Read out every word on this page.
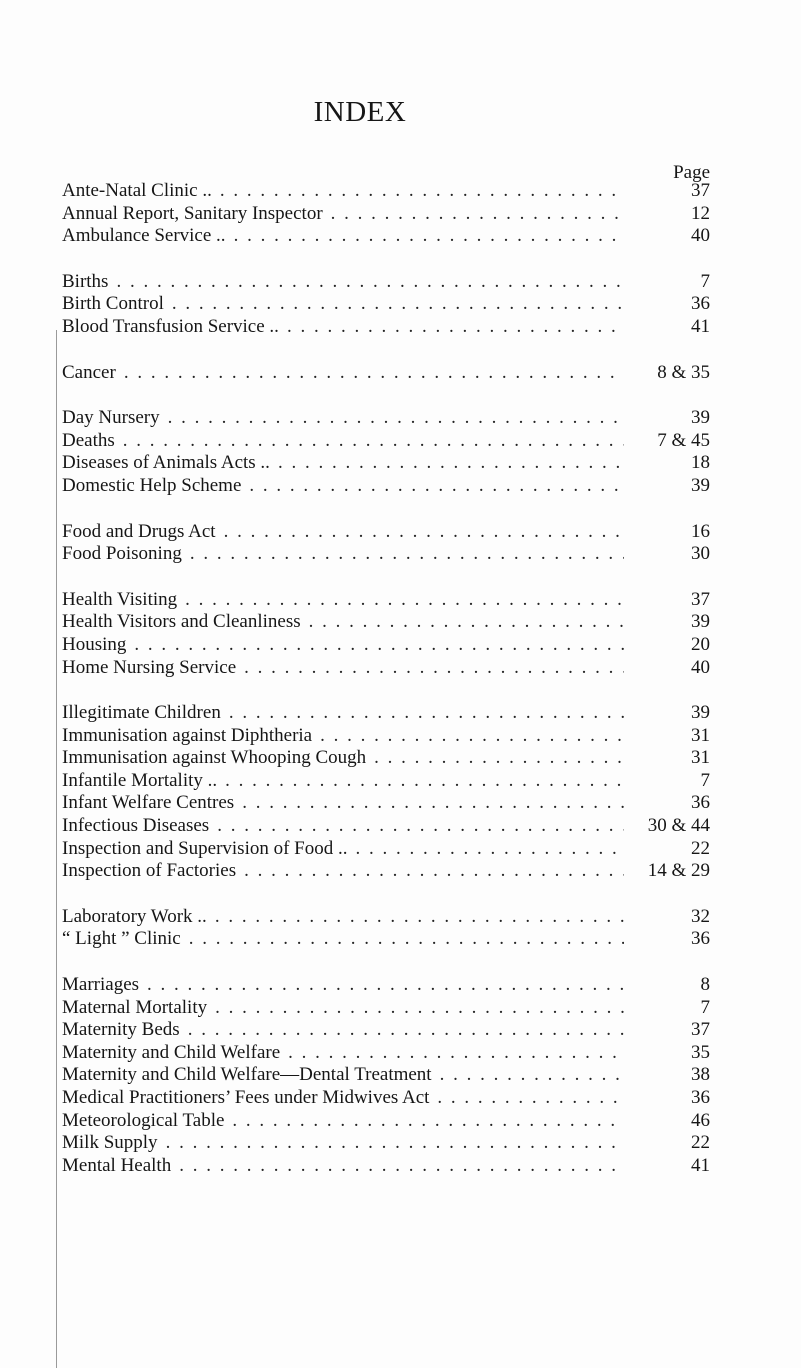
INDEX
Page
Ante-Natal Clinic .. . . .	37
Annual Report, Sanitary Inspector . . .	12
Ambulance Service .. . . .	40
Births . . .	7
Birth Control . . .	36
Blood Transfusion Service .. . . .	41
Cancer . . .	8 & 35
Day Nursery . . .	39
Deaths . . .	7 & 45
Diseases of Animals Acts .. . . .	18
Domestic Help Scheme . . .	39
Food and Drugs Act . . .	16
Food Poisoning . . .	30
Health Visiting . . .	37
Health Visitors and Cleanliness . . .	39
Housing . . .	20
Home Nursing Service . . .	40
Illegitimate Children . . .	39
Immunisation against Diphtheria . . .	31
Immunisation against Whooping Cough . . .	31
Infantile Mortality .. . . .	7
Infant Welfare Centres . . .	36
Infectious Diseases . . .	30 & 44
Inspection and Supervision of Food .. . . .	22
Inspection of Factories . . .	14 & 29
Laboratory Work .. . . .	32
“ Light ” Clinic . . .	36
Marriages . . .	8
Maternal Mortality . . .	7
Maternity Beds . . .	37
Maternity and Child Welfare . . .	35
Maternity and Child Welfare—Dental Treatment . . .	38
Medical Practitioners’ Fees under Midwives Act . . .	36
Meteorological Table . . .	46
Milk Supply . . .	22
Mental Health . . .	41
